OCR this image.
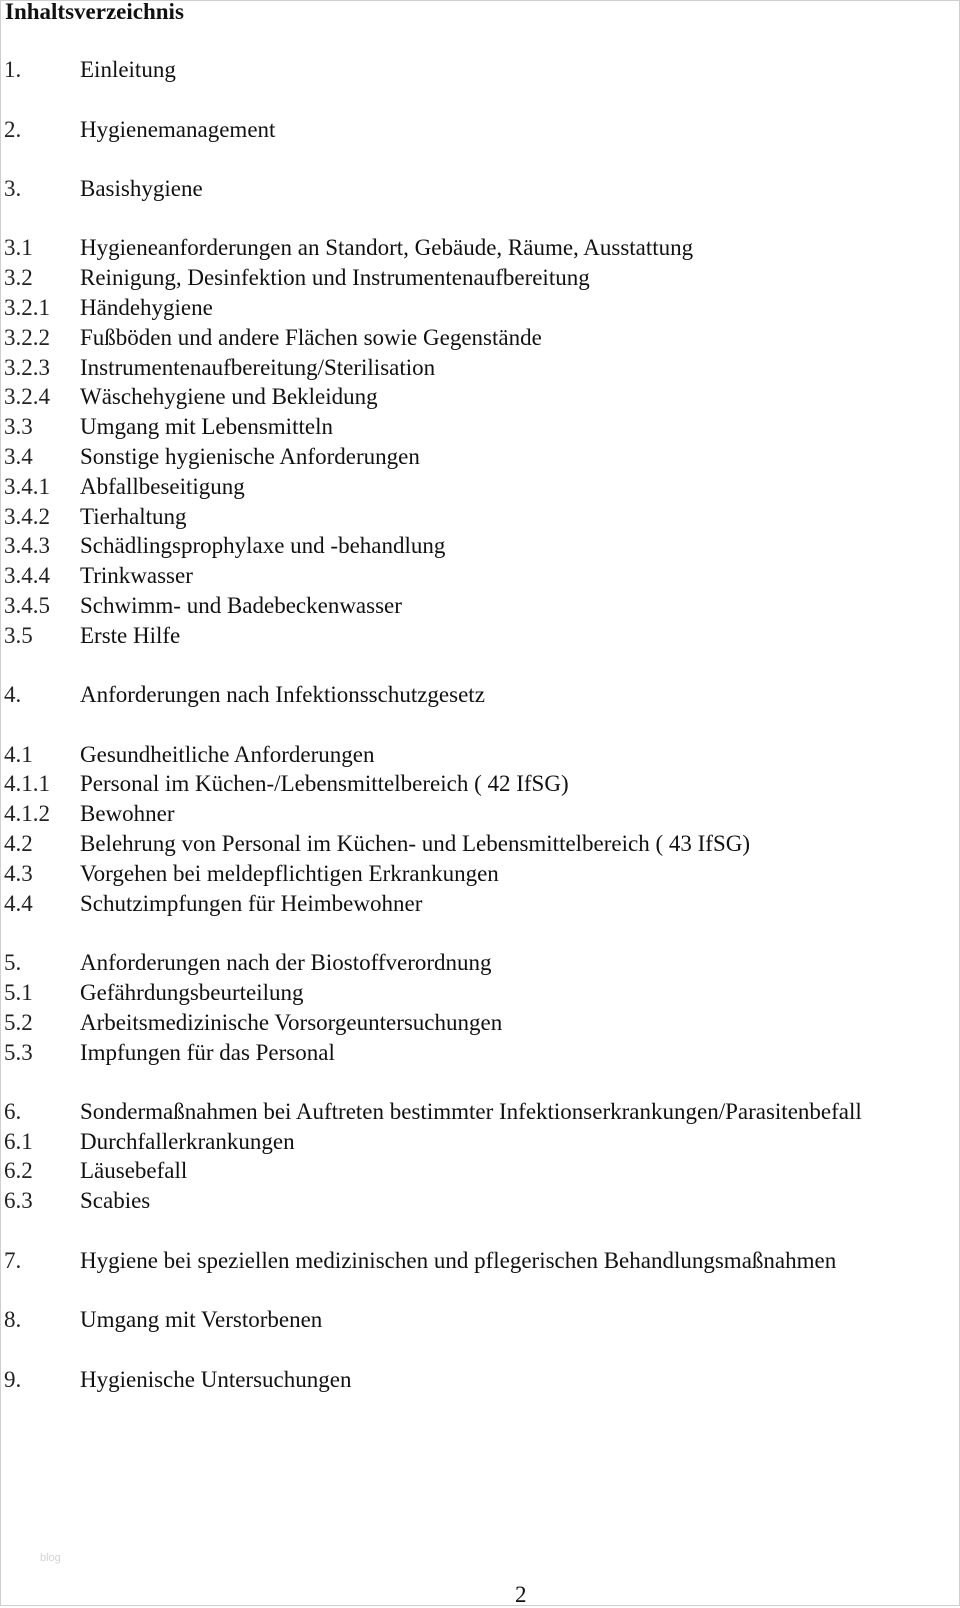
Inhaltsverzeichnis
1.	Einleitung
2.	Hygienemanagement
3.	Basishygiene
3.1 Hygieneanforderungen an Standort, Gebäude, Räume, Ausstattung
3.2 Reinigung, Desinfektion und Instrumentenaufbereitung
3.2.1 Händehygiene
3.2.2 Fußböden und andere Flächen sowie Gegenstände
3.2.3 Instrumentenaufbereitung/Sterilisation
3.2.4 Wäschehygiene und Bekleidung
3.3 Umgang mit Lebensmitteln
3.4 Sonstige hygienische Anforderungen
3.4.1 Abfallbeseitigung
3.4.2 Tierhaltung
3.4.3 Schädlingsprophylaxe und -behandlung
3.4.4 Trinkwasser
3.4.5 Schwimm- und Badebeckenwasser
3.5 Erste Hilfe
4.	Anforderungen nach Infektionsschutzgesetz
4.1 Gesundheitliche Anforderungen
4.1.1 Personal im Küchen-/Lebensmittelbereich ( 42 IfSG)
4.1.2 Bewohner
4.2 Belehrung von Personal im Küchen- und Lebensmittelbereich ( 43 IfSG)
4.3 Vorgehen bei meldepflichtigen Erkrankungen
4.4 Schutzimpfungen für Heimbewohner
5.	Anforderungen nach der Biostoffverordnung
5.1 Gefährdungsbeurteilung
5.2 Arbeitsmedizinische Vorsorgeuntersuchungen
5.3 Impfungen für das Personal
6.	Sondermaßnahmen bei Auftreten bestimmter Infektionserkrankungen/Parasitenbefall
6.1 Durchfallerkrankungen
6.2 Läusebefall
6.3 Scabies
7.	Hygiene bei speziellen medizinischen und pflegerischen Behandlungsmaßnahmen
8.	Umgang mit Verstorbenen
9.	Hygienische Untersuchungen
blog
2
